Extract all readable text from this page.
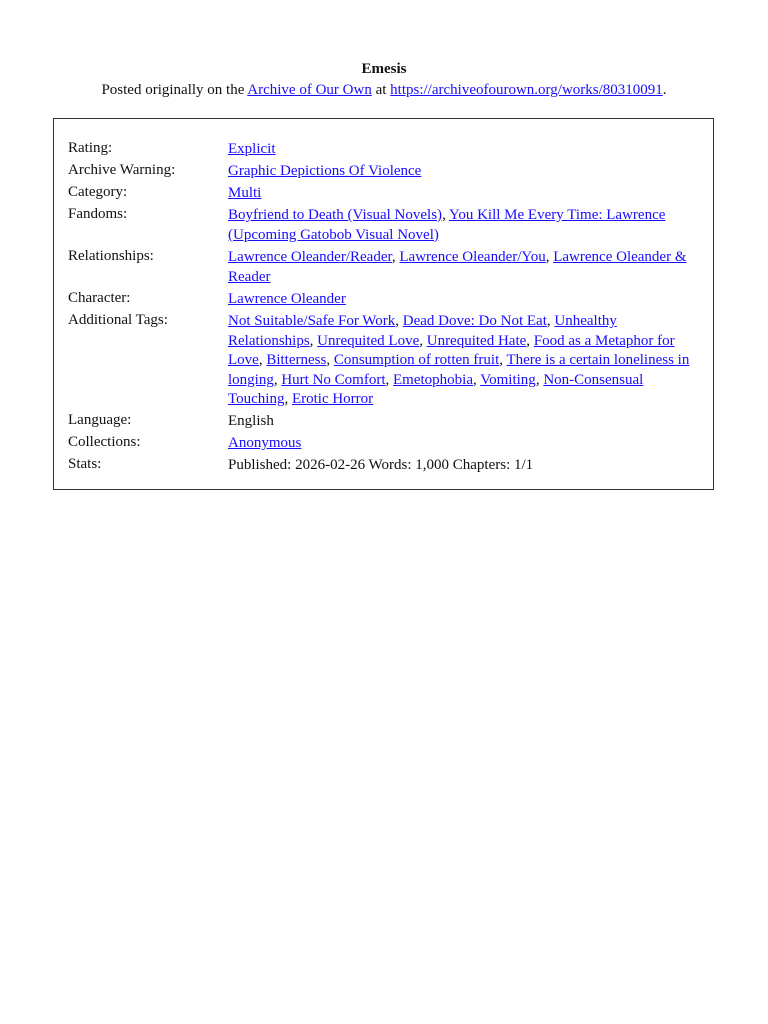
Emesis
Posted originally on the Archive of Our Own at https://archiveofourown.org/works/80310091.
Rating:	Explicit
Archive Warning:	Graphic Depictions Of Violence
Category:	Multi
Fandoms:	Boyfriend to Death (Visual Novels), You Kill Me Every Time: Lawrence (Upcoming Gatobob Visual Novel)
Relationships:	Lawrence Oleander/Reader, Lawrence Oleander/You, Lawrence Oleander & Reader
Character:	Lawrence Oleander
Additional Tags:	Not Suitable/Safe For Work, Dead Dove: Do Not Eat, Unhealthy Relationships, Unrequited Love, Unrequited Hate, Food as a Metaphor for Love, Bitterness, Consumption of rotten fruit, There is a certain loneliness in longing, Hurt No Comfort, Emetophobia, Vomiting, Non-Consensual Touching, Erotic Horror
Language:	English
Collections:	Anonymous
Stats:	Published: 2026-02-26 Words: 1,000 Chapters: 1/1
